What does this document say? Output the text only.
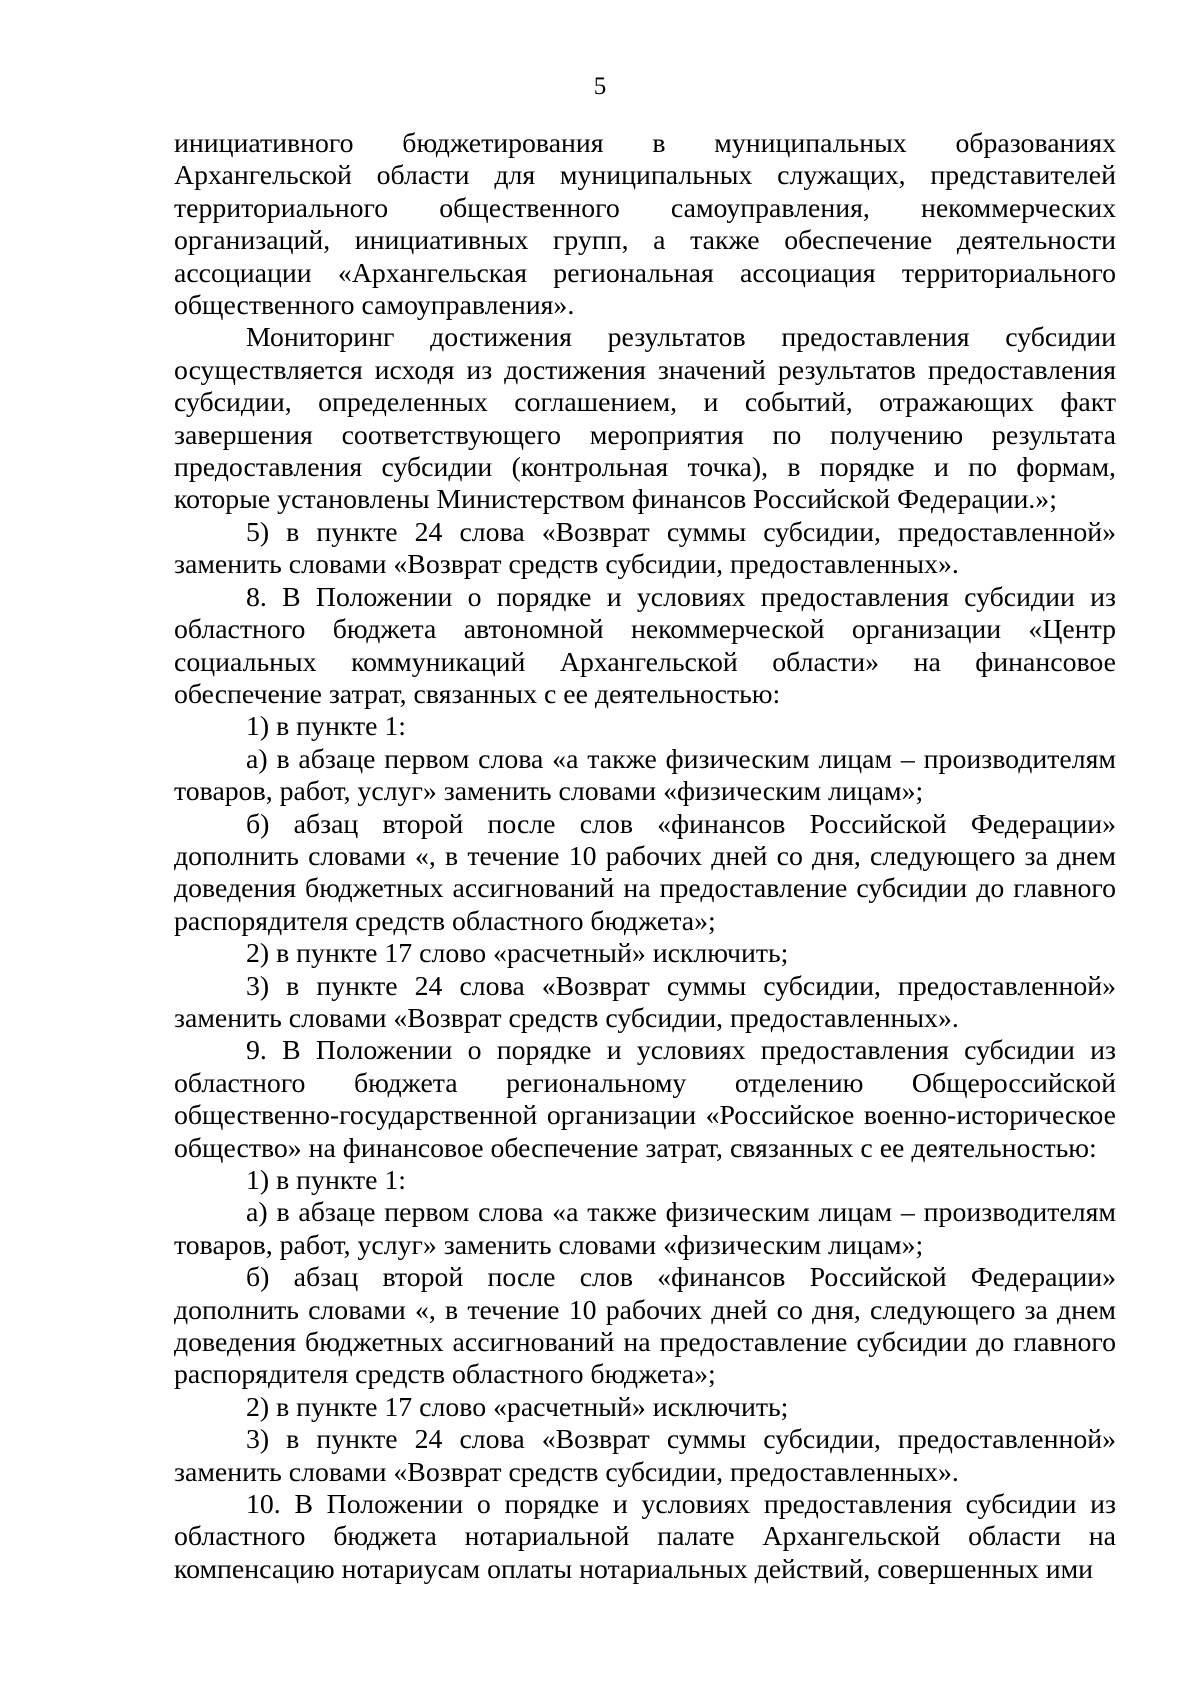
5

инициативного бюджетирования в муниципальных образованиях Архангельской области для муниципальных служащих, представителей территориального общественного самоуправления, некоммерческих организаций, инициативных групп, а также обеспечение деятельности ассоциации «Архангельская региональная ассоциация территориального общественного самоуправления».

Мониторинг достижения результатов предоставления субсидии осуществляется исходя из достижения значений результатов предоставления субсидии, определенных соглашением, и событий, отражающих факт завершения соответствующего мероприятия по получению результата предоставления субсидии (контрольная точка), в порядке и по формам, которые установлены Министерством финансов Российской Федерации.»;

5) в пункте 24 слова «Возврат суммы субсидии, предоставленной» заменить словами «Возврат средств субсидии, предоставленных».

8. В Положении о порядке и условиях предоставления субсидии из областного бюджета автономной некоммерческой организации «Центр социальных коммуникаций Архангельской области» на финансовое обеспечение затрат, связанных с ее деятельностью:

1) в пункте 1:

а) в абзаце первом слова «а также физическим лицам – производителям товаров, работ, услуг» заменить словами «физическим лицам»;

б) абзац второй после слов «финансов Российской Федерации» дополнить словами «, в течение 10 рабочих дней со дня, следующего за днем доведения бюджетных ассигнований на предоставление субсидии до главного распорядителя средств областного бюджета»;

2) в пункте 17 слово «расчетный» исключить;

3) в пункте 24 слова «Возврат суммы субсидии, предоставленной» заменить словами «Возврат средств субсидии, предоставленных».

9. В Положении о порядке и условиях предоставления субсидии из областного бюджета региональному отделению Общероссийской общественно-государственной организации «Российское военно-историческое общество» на финансовое обеспечение затрат, связанных с ее деятельностью:

1) в пункте 1:

а) в абзаце первом слова «а также физическим лицам – производителям товаров, работ, услуг» заменить словами «физическим лицам»;

б) абзац второй после слов «финансов Российской Федерации» дополнить словами «, в течение 10 рабочих дней со дня, следующего за днем доведения бюджетных ассигнований на предоставление субсидии до главного распорядителя средств областного бюджета»;

2) в пункте 17 слово «расчетный» исключить;

3) в пункте 24 слова «Возврат суммы субсидии, предоставленной» заменить словами «Возврат средств субсидии, предоставленных».

10. В Положении о порядке и условиях предоставления субсидии из областного бюджета нотариальной палате Архангельской области на компенсацию нотариусам оплаты нотариальных действий, совершенных ими
